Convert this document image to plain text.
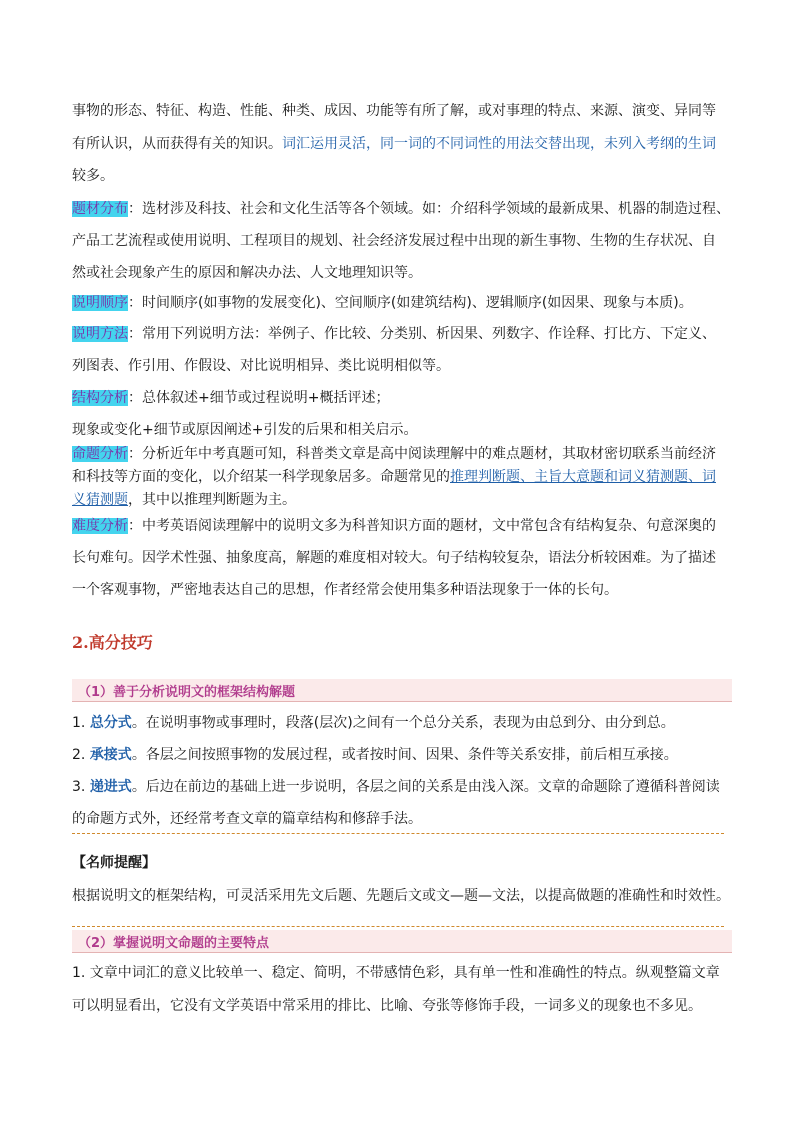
事物的形态、特征、构造、性能、种类、成因、功能等有所了解，或对事理的特点、来源、演变、异同等
有所认识，从而获得有关的知识。词汇运用灵活，同一词的不同词性的用法交替出现，未列入考纲的生词
较多。
题材分布：选材涉及科技、社会和文化生活等各个领域。如：介绍科学领域的最新成果、机器的制造过程、
产品工艺流程或使用说明、工程项目的规划、社会经济发展过程中出现的新生事物、生物的生存状况、自
然或社会现象产生的原因和解决办法、人文地理知识等。
说明顺序：时间顺序(如事物的发展变化)、空间顺序(如建筑结构)、逻辑顺序(如因果、现象与本质)。
说明方法：常用下列说明方法：举例子、作比较、分类别、析因果、列数字、作诠释、打比方、下定义、
列图表、作引用、作假设、对比说明相异、类比说明相似等。
结构分析：总体叙述+细节或过程说明+概括评述；
现象或变化+细节或原因阐述+引发的后果和相关启示。
命题分析：分析近年中考真题可知，科普类文章是高中阅读理解中的难点题材，其取材密切联系当前经济
和科技等方面的变化，以介绍某一科学现象居多。命题常见的推理判断题、主旨大意题和词义猜测题、词
义猜测题，其中以推理判断题为主。
难度分析：中考英语阅读理解中的说明文多为科普知识方面的题材，文中常包含有结构复杂、句意深奥的
长句难句。因学术性强、抽象度高，解题的难度相对较大。句子结构较复杂，语法分析较困难。为了描述
一个客观事物，严密地表达自己的思想，作者经常会使用集多种语法现象于一体的长句。
2.高分技巧
（1）善于分析说明文的框架结构解题
1. 总分式。在说明事物或事理时，段落(层次)之间有一个总分关系，表现为由总到分、由分到总。
2. 承接式。各层之间按照事物的发展过程，或者按时间、因果、条件等关系安排，前后相互承接。
3. 递进式。后边在前边的基础上进一步说明，各层之间的关系是由浅入深。文章的命题除了遵循科普阅读
的命题方式外，还经常考查文章的篇章结构和修辞手法。
【名师提醒】
根据说明文的框架结构，可灵活采用先文后题、先题后文或文—题—文法，以提高做题的准确性和时效性。
（2）掌握说明文命题的主要特点
1. 文章中词汇的意义比较单一、稳定、简明，不带感情色彩，具有单一性和准确性的特点。纵观整篇文章
可以明显看出，它没有文学英语中常采用的排比、比喻、夸张等修饰手段，一词多义的现象也不多见。
